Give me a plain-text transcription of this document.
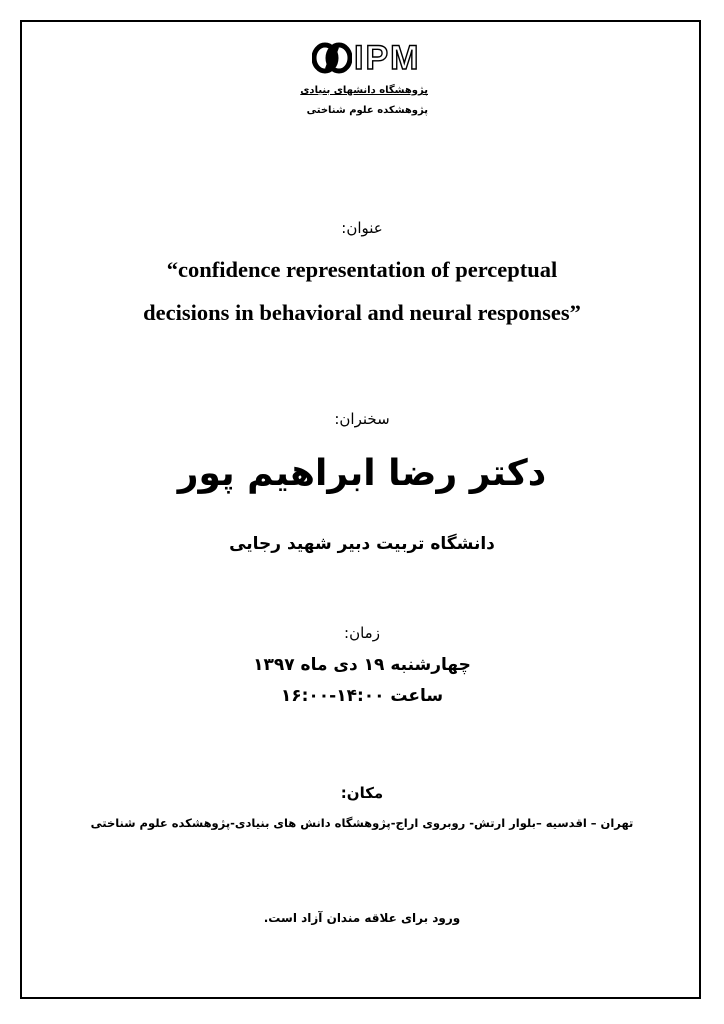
IPM
پژوهشگاه دانشهای بنیادی
پژوهشکده علوم شناختی
عنوان:
“confidence representation of perceptual
decisions in behavioral and neural responses”
سخنران:
دکتر رضا ابراهیم پور
دانشگاه تربیت دبیر شهید رجایی
زمان:
چهارشنبه ۱۹ دی ماه ۱۳۹۷
ساعت ۱۴:۰۰-۱۶:۰۰
مکان:
تهران – اقدسیه –بلوار ارتش- روبروی اراج-پژوهشگاه دانش های بنیادی-پژوهشکده علوم شناختی
ورود برای علاقه مندان آزاد است.
